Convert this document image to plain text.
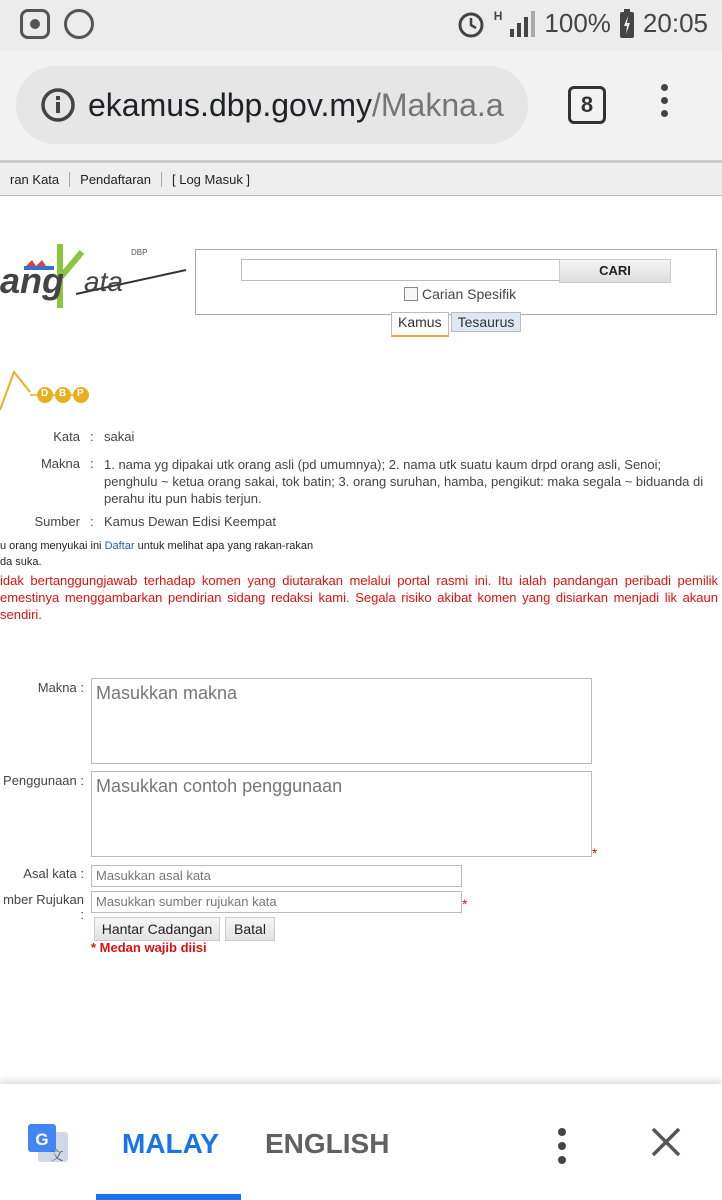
H 100% 20:05
ekamus.dbp.gov.my/Makna.a	8
ran Kata	Pendaftaran	[ Log Masuk ]
ang ata
DBP
CARI
Carian Spesifik
Kamus	Tesaurus
D B P
Kata : sakai
Makna : 1. nama yg dipakai utk orang asli (pd umumnya); 2. nama utk suatu kaum drpd orang asli, Senoi; penghulu ~ ketua orang sakai, tok batin; 3. orang suruhan, hamba, pengikut: maka segala ~ biduanda di perahu itu pun habis terjun.
Sumber : Kamus Dewan Edisi Keempat
u orang menyukai ini Daftar untuk melihat apa yang rakan-rakan
da suka.
idak bertanggungjawab terhadap komen yang diutarakan melalui portal rasmi ini. Itu ialah pandangan peribadi pemilik emestinya menggambarkan pendirian sidang redaksi kami. Segala risiko akibat komen yang disiarkan menjadi lik akaun sendiri.
Makna : Masukkan makna
Penggunaan : Masukkan contoh penggunaan
*
Asal kata : Masukkan asal kata
mber Rujukan :
Masukkan sumber rujukan kata	*
Hantar Cadangan	Batal
* Medan wajib diisi
G
文 MALAY ENGLISH
